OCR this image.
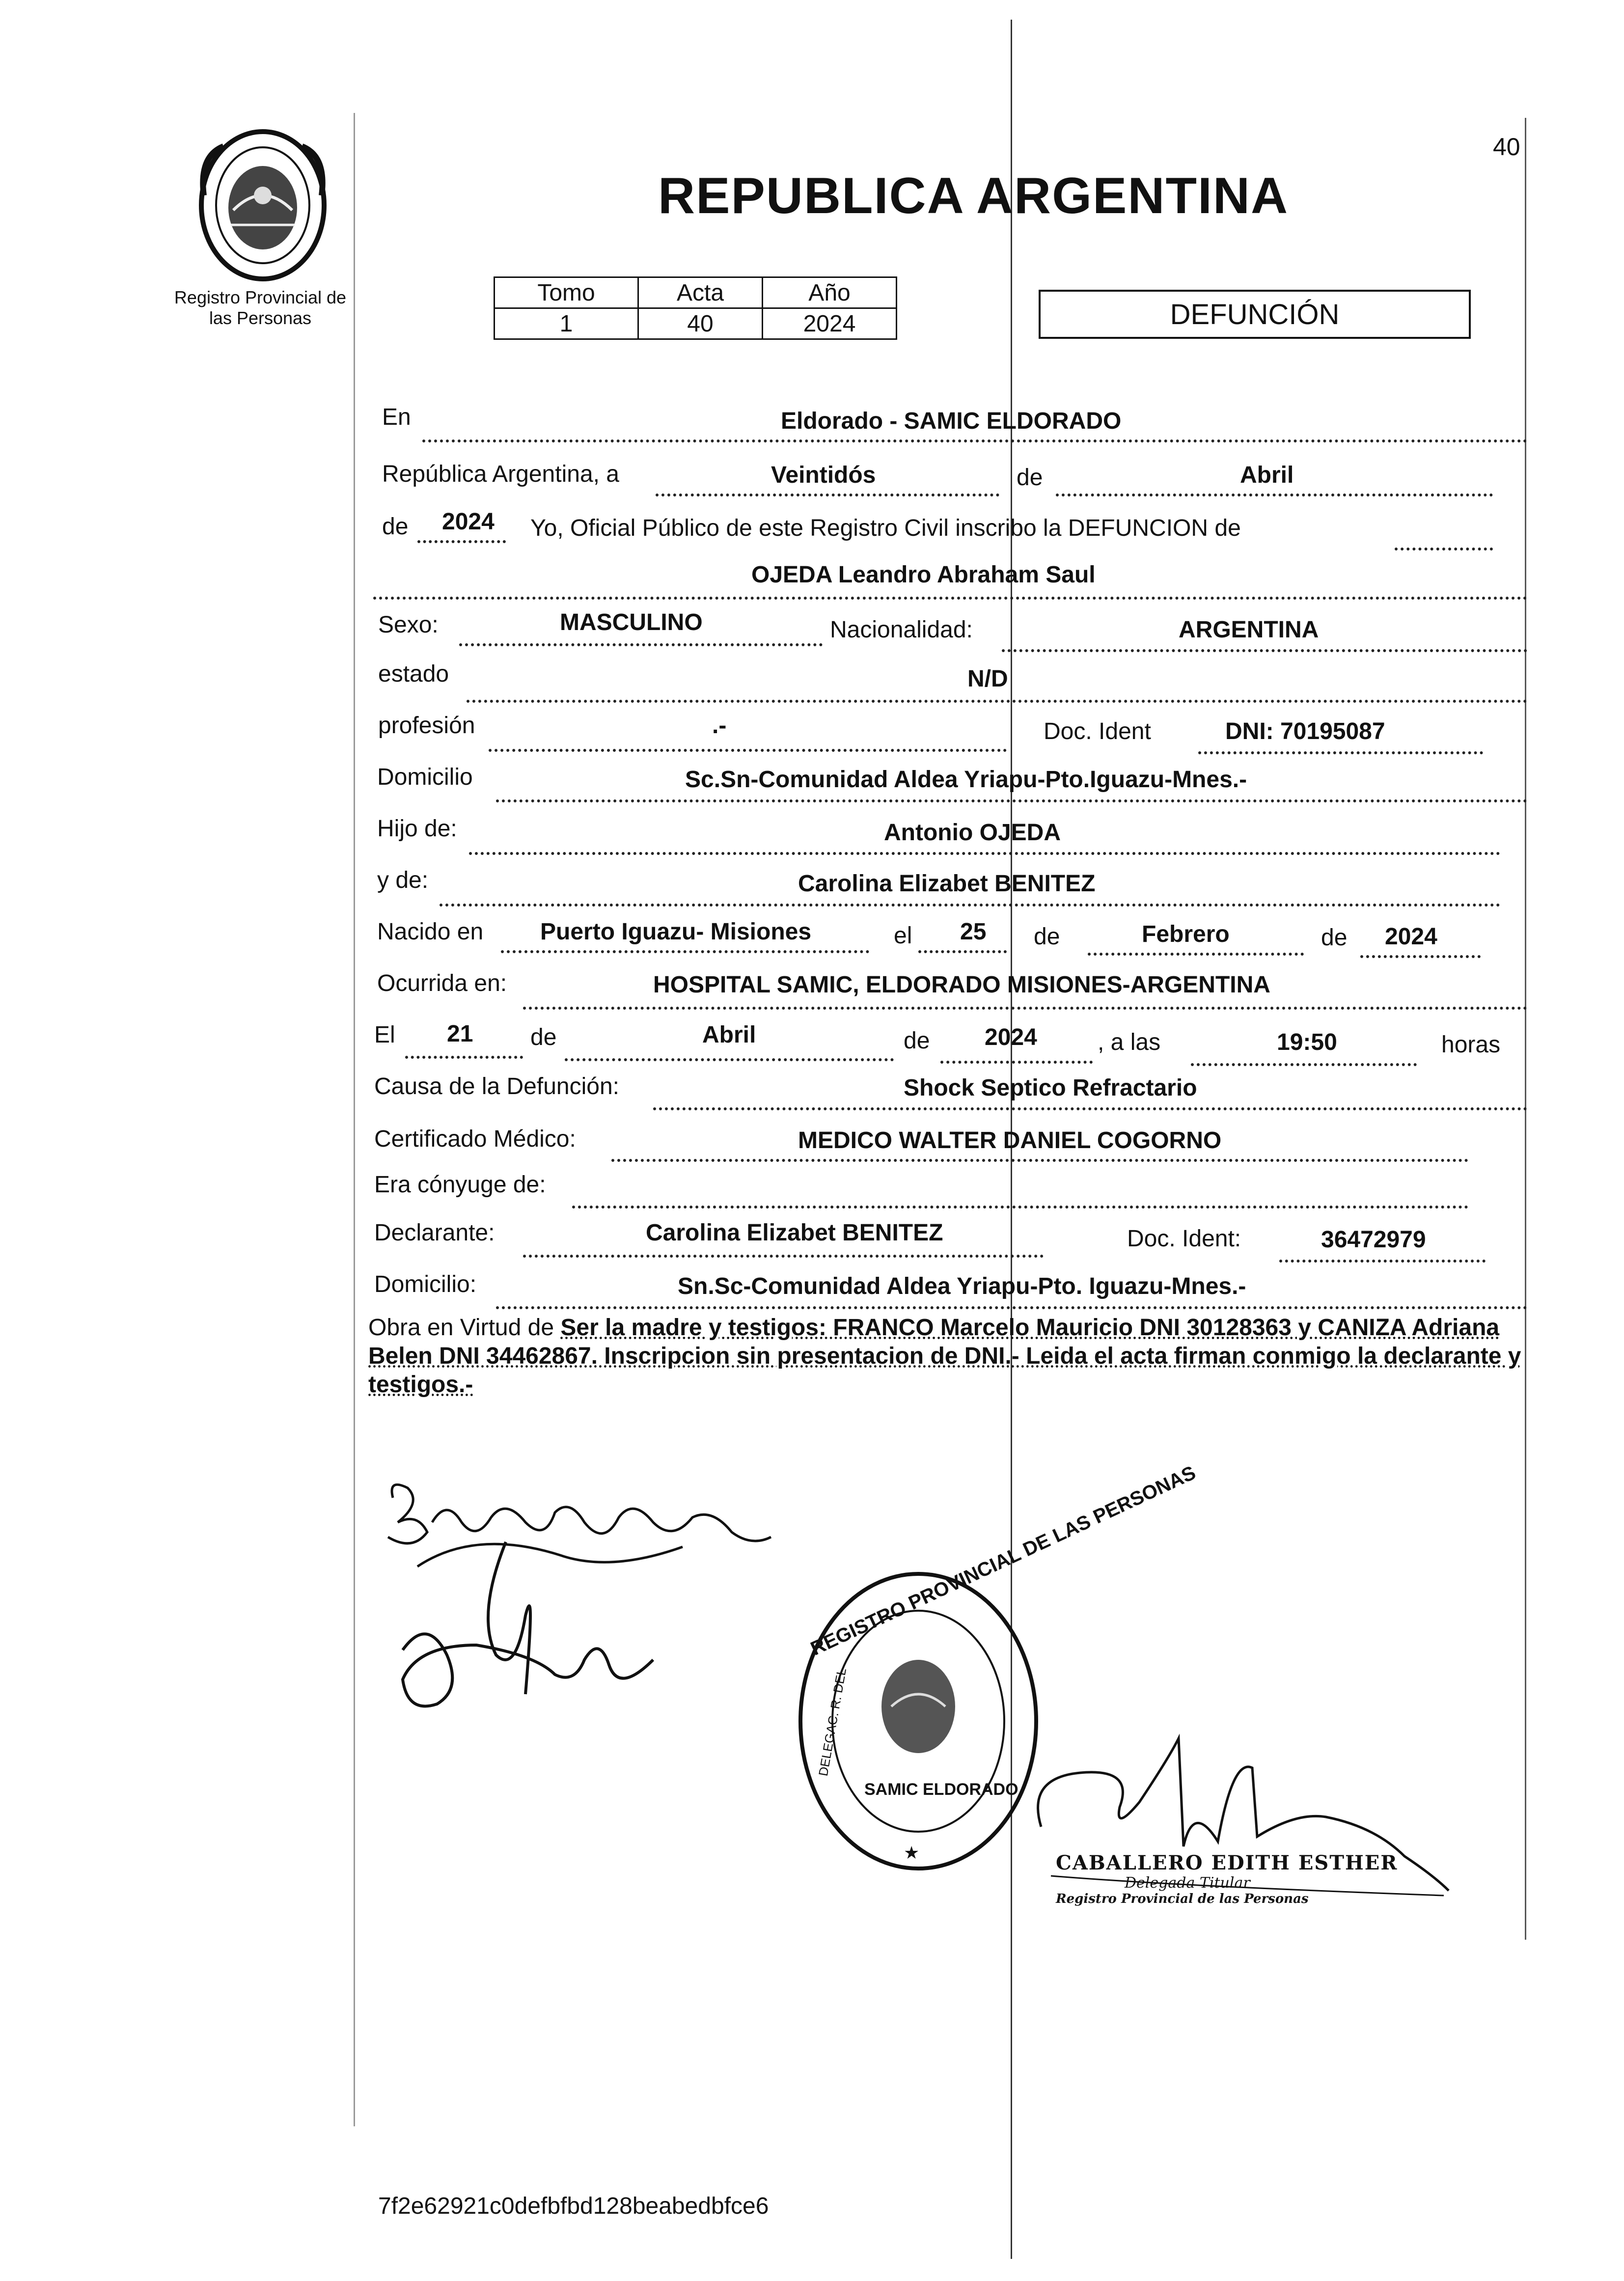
Registro Provincial de las Personas
40
REPUBLICA ARGENTINA
Tomo	Acta	Año
1	40	2024	DEFUNCIÓN
En	Eldorado - SAMIC ELDORADO
República Argentina, a	Veintidós	de	Abril
de 2024 Yo, Oficial Público de este Registro Civil inscribo la DEFUNCION de
OJEDA Leandro Abraham Saul
Sexo:	MASCULINO	Nacionalidad:	ARGENTINA
estado	N/D
profesión	.-	Doc. Ident	DNI: 70195087
Domicilio	Sc.Sn-Comunidad Aldea Yriapu-Pto.Iguazu-Mnes.-
Hijo de:	Antonio OJEDA
y de:	Carolina Elizabet BENITEZ
Nacido en Puerto Iguazu- Misiones	el 25 de	Febrero	de 2024
Ocurrida en:	HOSPITAL SAMIC, ELDORADO MISIONES-ARGENTINA
El 21 de	Abril	de 2024	, a las	19:50	horas
Causa de la Defunción:	Shock Septico Refractario
Certificado Médico:	MEDICO WALTER DANIEL COGORNO
Era cónyuge de:
Declarante:	Carolina Elizabet BENITEZ	Doc. Ident:	36472979
Domicilio:	Sn.Sc-Comunidad Aldea Yriapu-Pto. Iguazu-Mnes.-
Obra en Virtud de Ser la madre y testigos: FRANCO Marcelo Mauricio DNI 30128363 y CANIZA Adriana Belen DNI 34462867. Inscripcion sin presentacion de DNI.- Leida el acta firman conmigo la declarante y testigos.-
REGISTRO PROVINCIAL DE LAS PERSONAS
SAMIC ELDORADO
DELEGAC. R. DEL
★	CABALLERO EDITH ESTHER
Delegada Titular
Registro Provincial de las Personas
7f2e62921c0defbfbd128beabedbfce6
